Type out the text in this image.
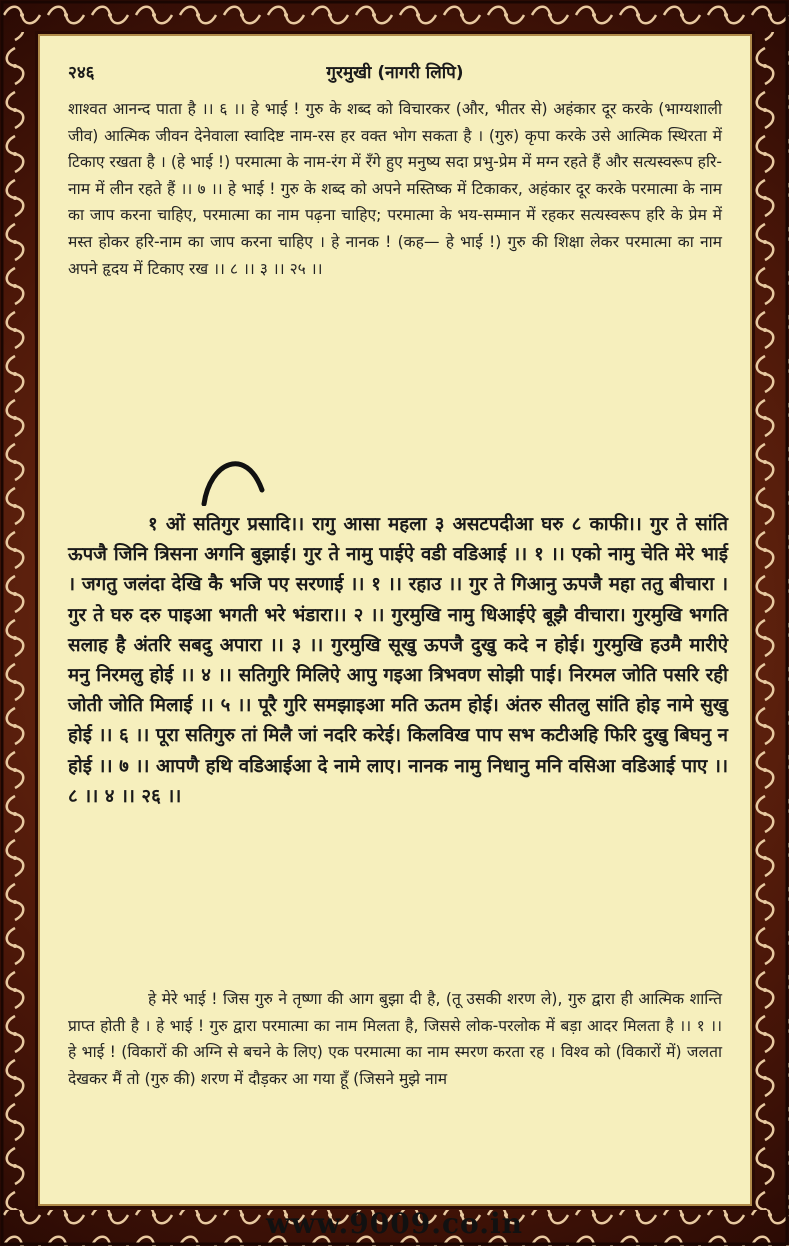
२४६	गुरमुखी (नागरी लिपि)
शाश्वत आनन्द पाता है ।। ६ ।। हे भाई ! गुरु के शब्द को विचारकर (और, भीतर से) अहंकार दूर करके (भाग्यशाली जीव) आत्मिक जीवन देनेवाला स्वादिष्ट नाम-रस हर वक्त भोग सकता है । (गुरु) कृपा करके उसे आत्मिक स्थिरता में टिकाए रखता है । (हे भाई !) परमात्मा के नाम-रंग में रँगे हुए मनुष्य सदा प्रभु-प्रेम में मग्न रहते हैं और सत्यस्वरूप हरि-नाम में लीन रहते हैं ।। ७ ।। हे भाई ! गुरु के शब्द को अपने मस्तिष्क में टिकाकर, अहंकार दूर करके परमात्मा के नाम का जाप करना चाहिए, परमात्मा का नाम पढ़ना चाहिए; परमात्मा के भय-सम्मान में रहकर सत्यस्वरूप हरि के प्रेम में मस्त होकर हरि-नाम का जाप करना चाहिए । हे नानक ! (कह— हे भाई !) गुरु की शिक्षा लेकर परमात्मा का नाम अपने हृदय में टिकाए रख ।। ८ ।। ३ ।। २५ ।।
१ ओं सतिगुर प्रसादि।। रागु आसा महला ३ असटपदीआ घरु ८ काफी।। गुर ते सांति ऊपजै जिनि त्रिसना अगनि बुझाई। गुर ते नामु पाईऐ वडी वडिआई ।। १ ।। एको नामु चेति मेरे भाई । जगतु जलंदा देखि कै भजि पए सरणाई ।। १ ।। रहाउ ।। गुर ते गिआनु ऊपजै महा ततु बीचारा । गुर ते घरु दरु पाइआ भगती भरे भंडारा।। २ ।। गुरमुखि नामु धिआईऐ बूझै वीचारा। गुरमुखि भगति सलाह है अंतरि सबदु अपारा ।। ३ ।। गुरमुखि सूखु ऊपजै दुखु कदे न होई। गुरमुखि हउमै मारीऐ मनु निरमलु होई ।। ४ ।। सतिगुरि मिलिऐ आपु गइआ त्रिभवण सोझी पाई। निरमल जोति पसरि रही जोती जोति मिलाई ।। ५ ।। पूरै गुरि समझाइआ मति ऊतम होई। अंतरु सीतलु सांति होइ नामे सुखु होई ।। ६ ।। पूरा सतिगुरु तां मिलै जां नदरि करेई। किलविख पाप सभ कटीअहि फिरि दुखु बिघनु न होई ।। ७ ।। आपणै हथि वडिआईआ दे नामे लाए। नानक नामु निधानु मनि वसिआ वडिआई पाए ।। ८ ।। ४ ।। २६ ।।
हे मेरे भाई ! जिस गुरु ने तृष्णा की आग बुझा दी है, (तू उसकी शरण ले), गुरु द्वारा ही आत्मिक शान्ति प्राप्त होती है । हे भाई ! गुरु द्वारा परमात्मा का नाम मिलता है, जिससे लोक-परलोक में बड़ा आदर मिलता है ।। १ ।। हे भाई ! (विकारों की अग्नि से बचने के लिए) एक परमात्मा का नाम स्मरण करता रह । विश्व को (विकारों में) जलता देखकर मैं तो (गुरु की) शरण में दौड़कर आ गया हूँ (जिसने मुझे नाम
www.9009.co.in
